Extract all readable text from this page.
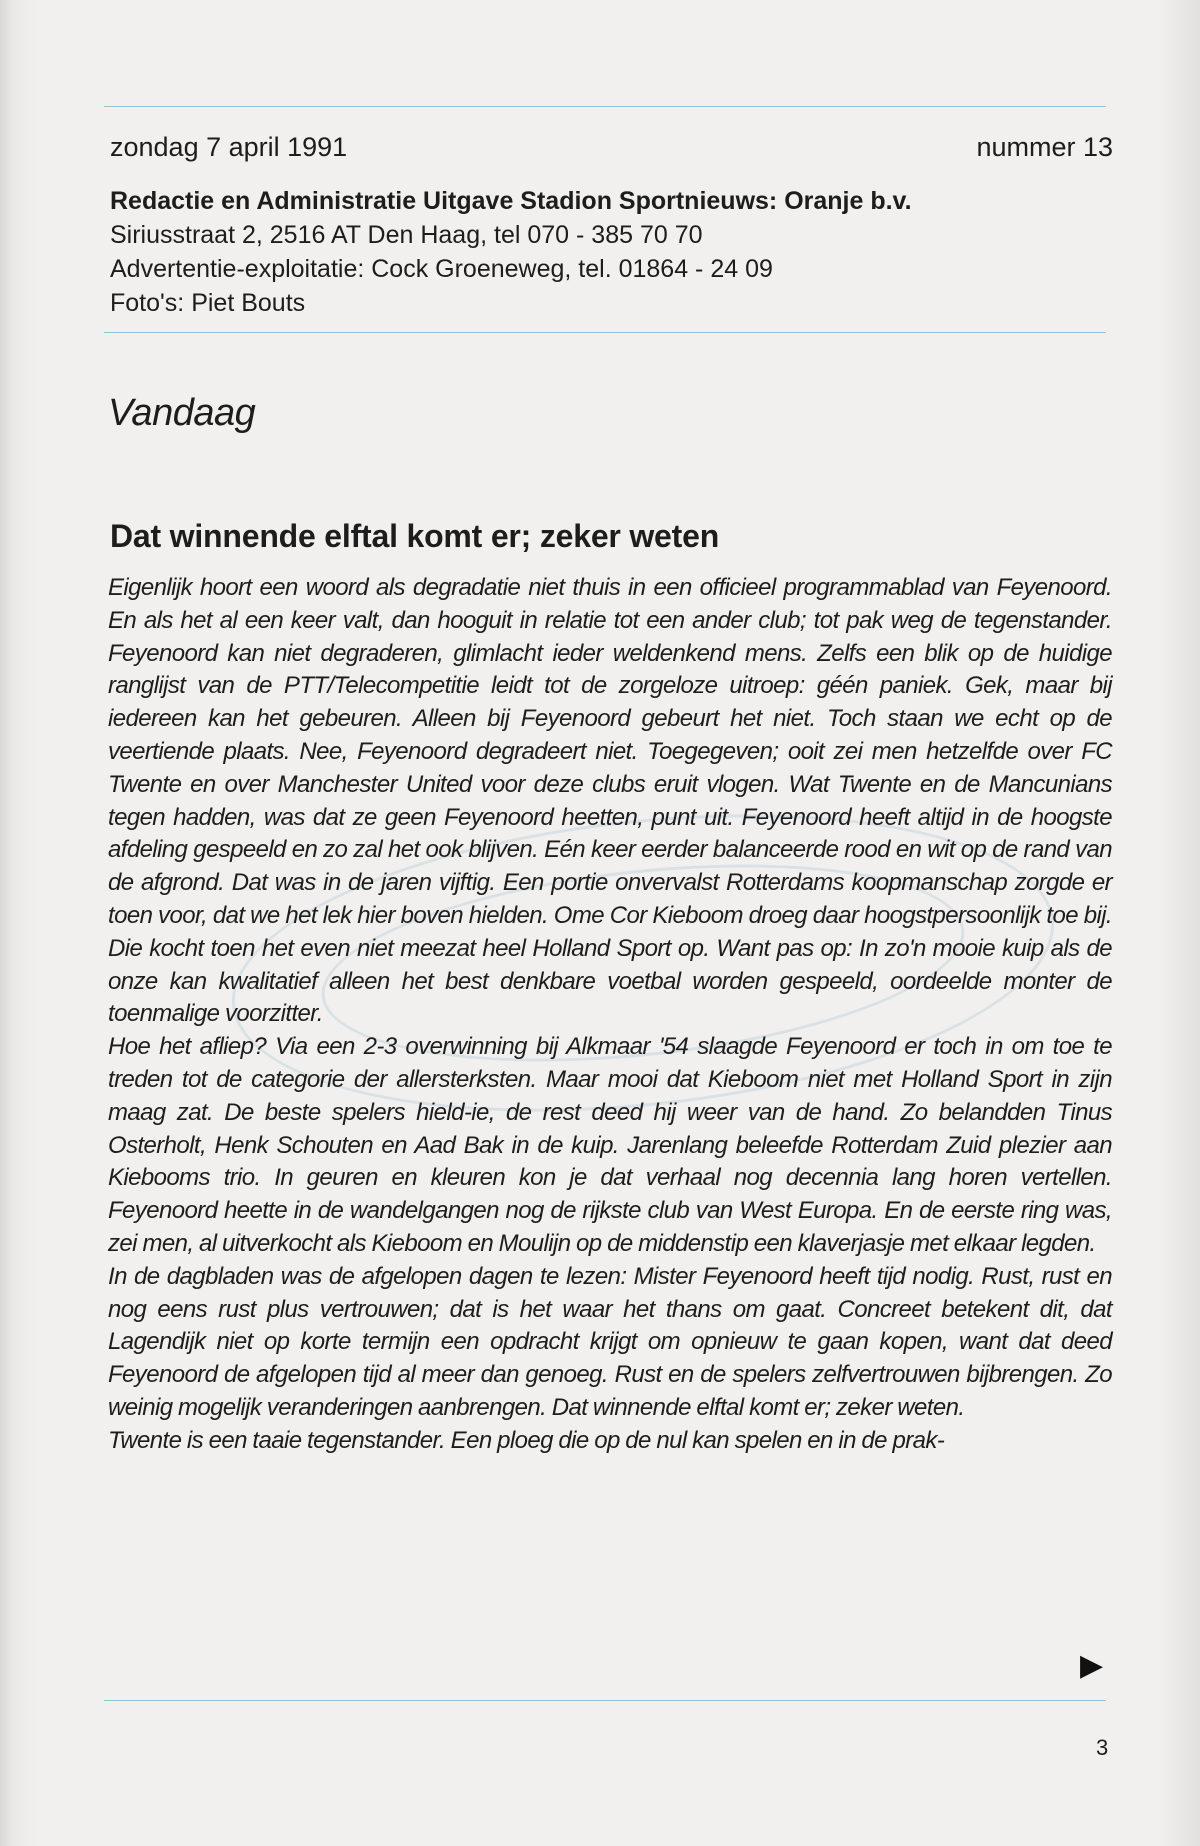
zondag 7 april 1991	nummer 13
Redactie en Administratie Uitgave Stadion Sportnieuws: Oranje b.v.
Siriusstraat 2, 2516 AT Den Haag, tel 070 - 385 70 70
Advertentie-exploitatie: Cock Groeneweg, tel. 01864 - 24 09
Foto's: Piet Bouts
Vandaag
Dat winnende elftal komt er; zeker weten

Eigenlijk hoort een woord als degradatie niet thuis in een officieel programmablad van Feyenoord. En als het al een keer valt, dan hooguit in relatie tot een ander club; tot pak weg de tegenstander. Feyenoord kan niet degraderen, glimlacht ieder weldenkend mens. Zelfs een blik op de huidige ranglijst van de PTT/Telecompetitie leidt tot de zorgeloze uitroep: géén paniek. Gek, maar bij iedereen kan het gebeuren. Alleen bij Feyenoord gebeurt het niet. Toch staan we echt op de veertiende plaats. Nee, Feyenoord degradeert niet. Toegegeven; ooit zei men hetzelfde over FC Twente en over Manchester United voor deze clubs eruit vlogen. Wat Twente en de Mancunians tegen hadden, was dat ze geen Feyenoord heetten, punt uit. Feyenoord heeft altijd in de hoogste afdeling gespeeld en zo zal het ook blijven. Eén keer eerder balanceerde rood en wit op de rand van de afgrond. Dat was in de jaren vijftig. Een portie onvervalst Rotterdams koopmanschap zorgde er toen voor, dat we het lek hier boven hielden. Ome Cor Kieboom droeg daar hoogstpersoonlijk toe bij. Die kocht toen het even niet meezat heel Holland Sport op. Want pas op: In zo'n mooie kuip als de onze kan kwalitatief alleen het best denkbare voetbal worden gespeeld, oordeelde monter de toenmalige voorzitter.

Hoe het afliep? Via een 2-3 overwinning bij Alkmaar '54 slaagde Feyenoord er toch in om toe te treden tot de categorie der allersterksten. Maar mooi dat Kieboom niet met Holland Sport in zijn maag zat. De beste spelers hield-ie, de rest deed hij weer van de hand. Zo belandden Tinus Osterholt, Henk Schouten en Aad Bak in de kuip. Jarenlang beleefde Rotterdam Zuid plezier aan Kiebooms trio. In geuren en kleuren kon je dat verhaal nog decennia lang horen vertellen. Feyenoord heette in de wandelgangen nog de rijkste club van West Europa. En de eerste ring was, zei men, al uitverkocht als Kieboom en Moulijn op de middenstip een klaverjasje met elkaar legden.

In de dagbladen was de afgelopen dagen te lezen: Mister Feyenoord heeft tijd nodig. Rust, rust en nog eens rust plus vertrouwen; dat is het waar het thans om gaat. Concreet betekent dit, dat Lagendijk niet op korte termijn een opdracht krijgt om opnieuw te gaan kopen, want dat deed Feyenoord de afgelopen tijd al meer dan genoeg. Rust en de spelers zelfvertrouwen bijbrengen. Zo weinig mogelijk veranderingen aanbrengen. Dat winnende elftal komt er; zeker weten.

Twente is een taaie tegenstander. Een ploeg die op de nul kan spelen en in de prak-

▶
3
